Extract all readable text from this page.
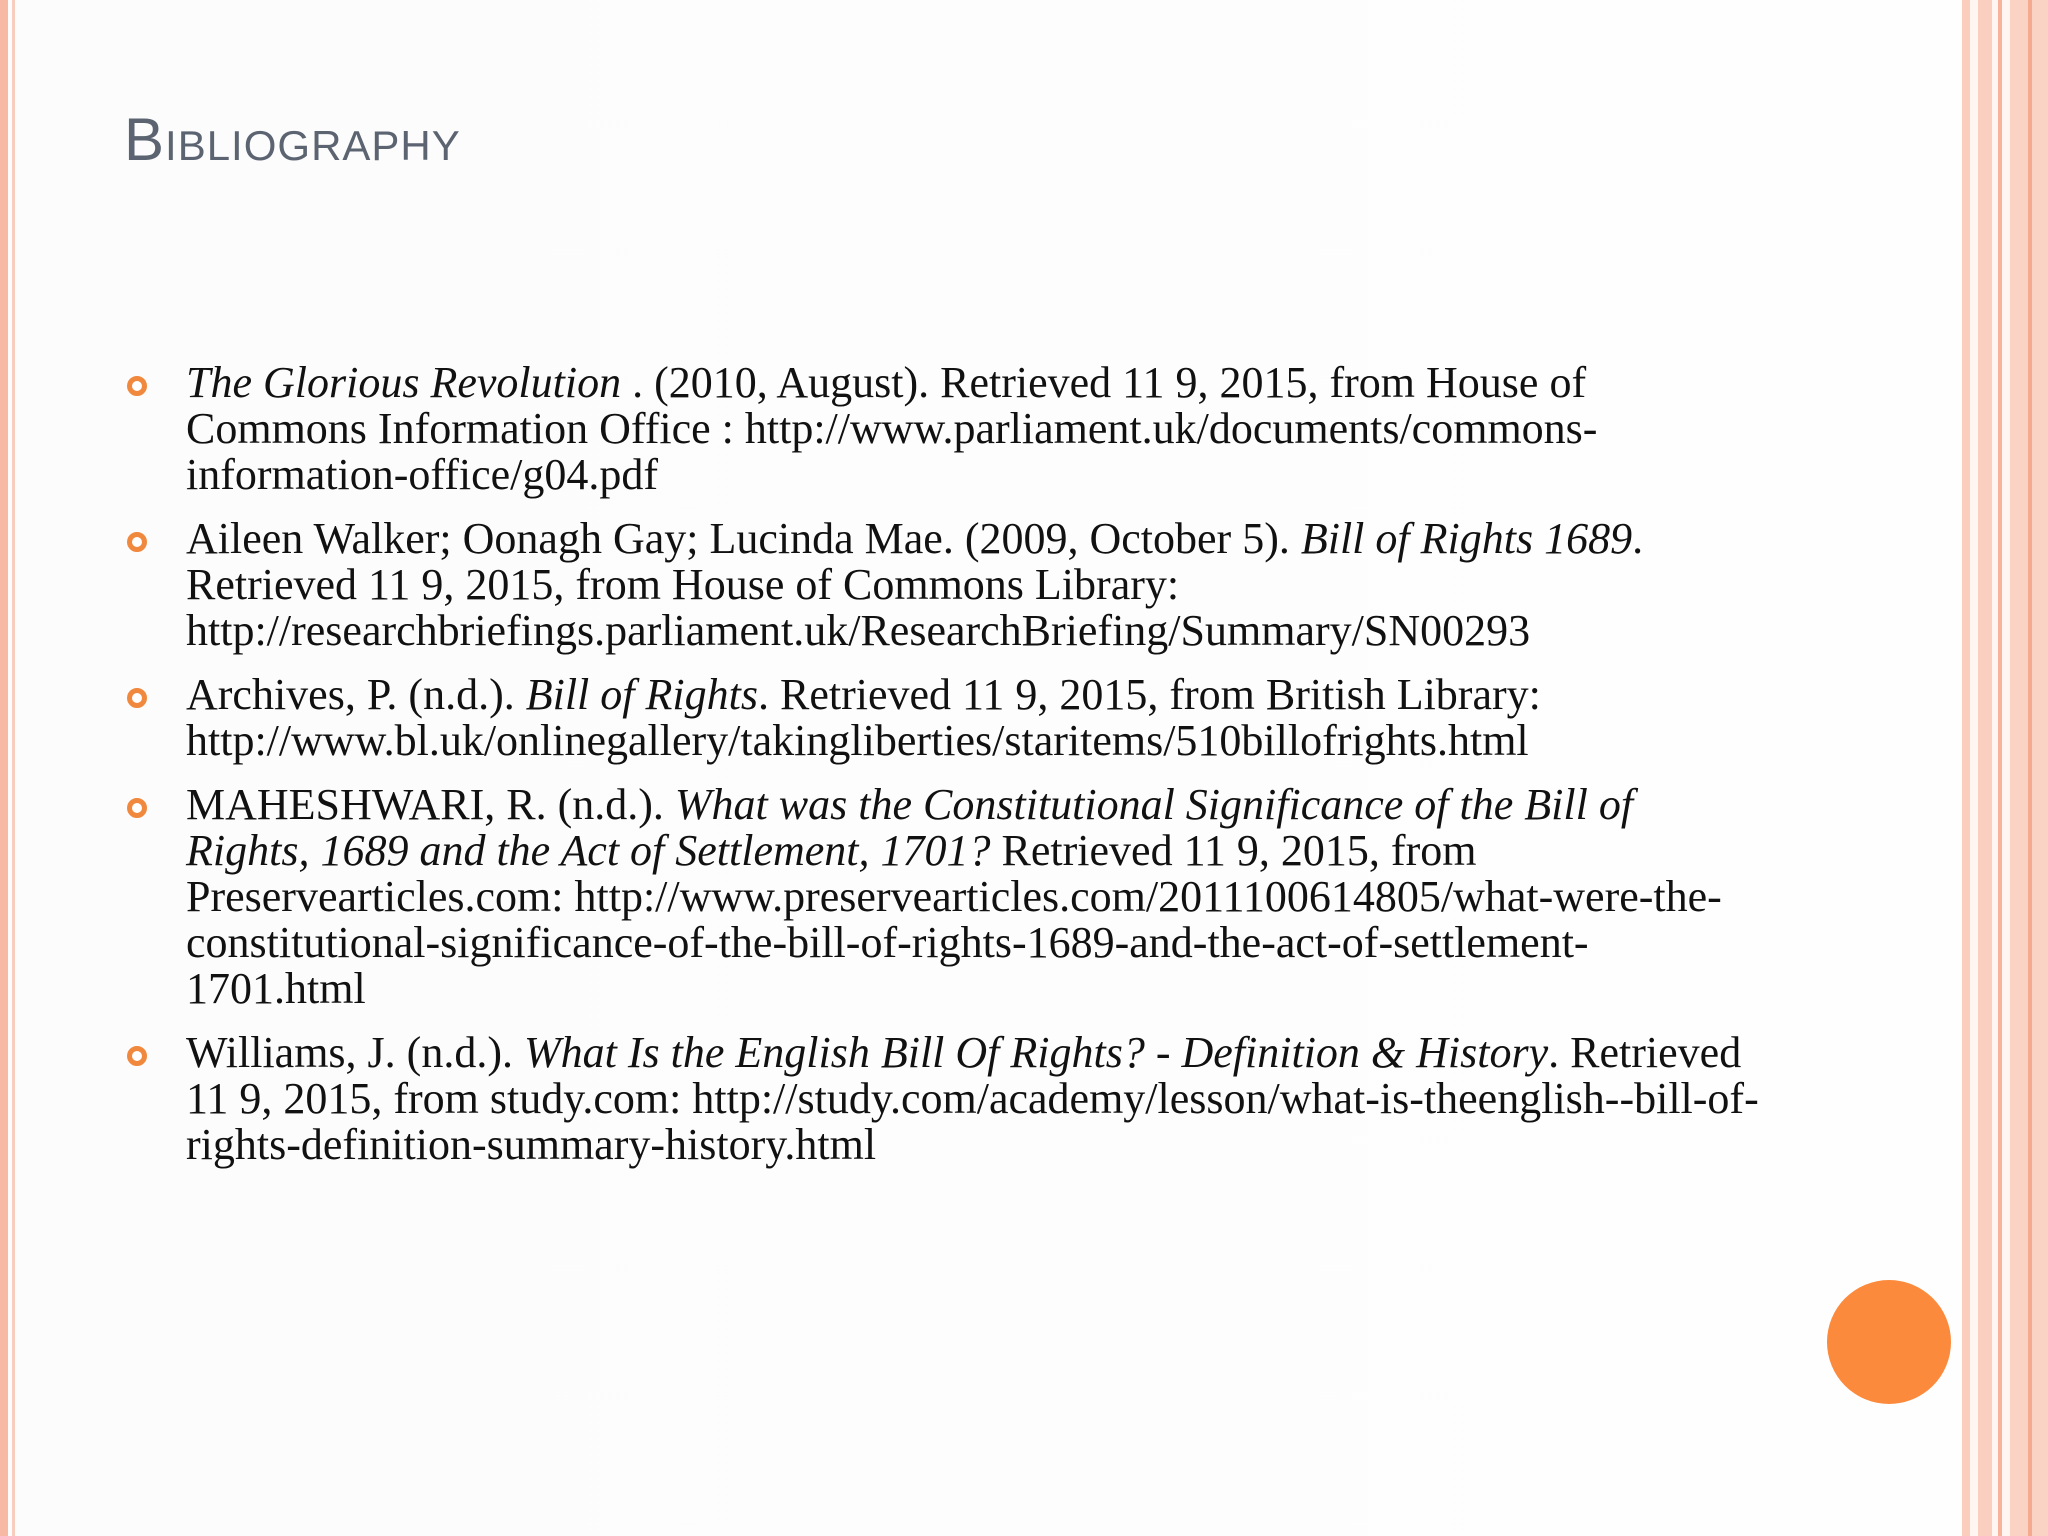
Bibliography
The Glorious Revolution . (2010, August). Retrieved 11 9, 2015, from House of Commons Information Office : http://www.parliament.uk/documents/commons-information-office/g04.pdf
Aileen Walker; Oonagh Gay; Lucinda Mae. (2009, October 5). Bill of Rights 1689. Retrieved 11 9, 2015, from House of Commons Library: http://researchbriefings.parliament.uk/ResearchBriefing/Summary/SN00293
Archives, P. (n.d.). Bill of Rights. Retrieved 11 9, 2015, from British Library: http://www.bl.uk/onlinegallery/takingliberties/staritems/510billofrights.html
MAHESHWARI, R. (n.d.). What was the Constitutional Significance of the Bill of Rights, 1689 and the Act of Settlement, 1701? Retrieved 11 9, 2015, from Preservearticles.com: http://www.preservearticles.com/2011100614805/what-were-the-constitutional-significance-of-the-bill-of-rights-1689-and-the-act-of-settlement-1701.html
Williams, J. (n.d.). What Is the English Bill Of Rights? - Definition & History. Retrieved 11 9, 2015, from study.com: http://study.com/academy/lesson/what-is-theenglish--bill-of-rights-definition-summary-history.html
